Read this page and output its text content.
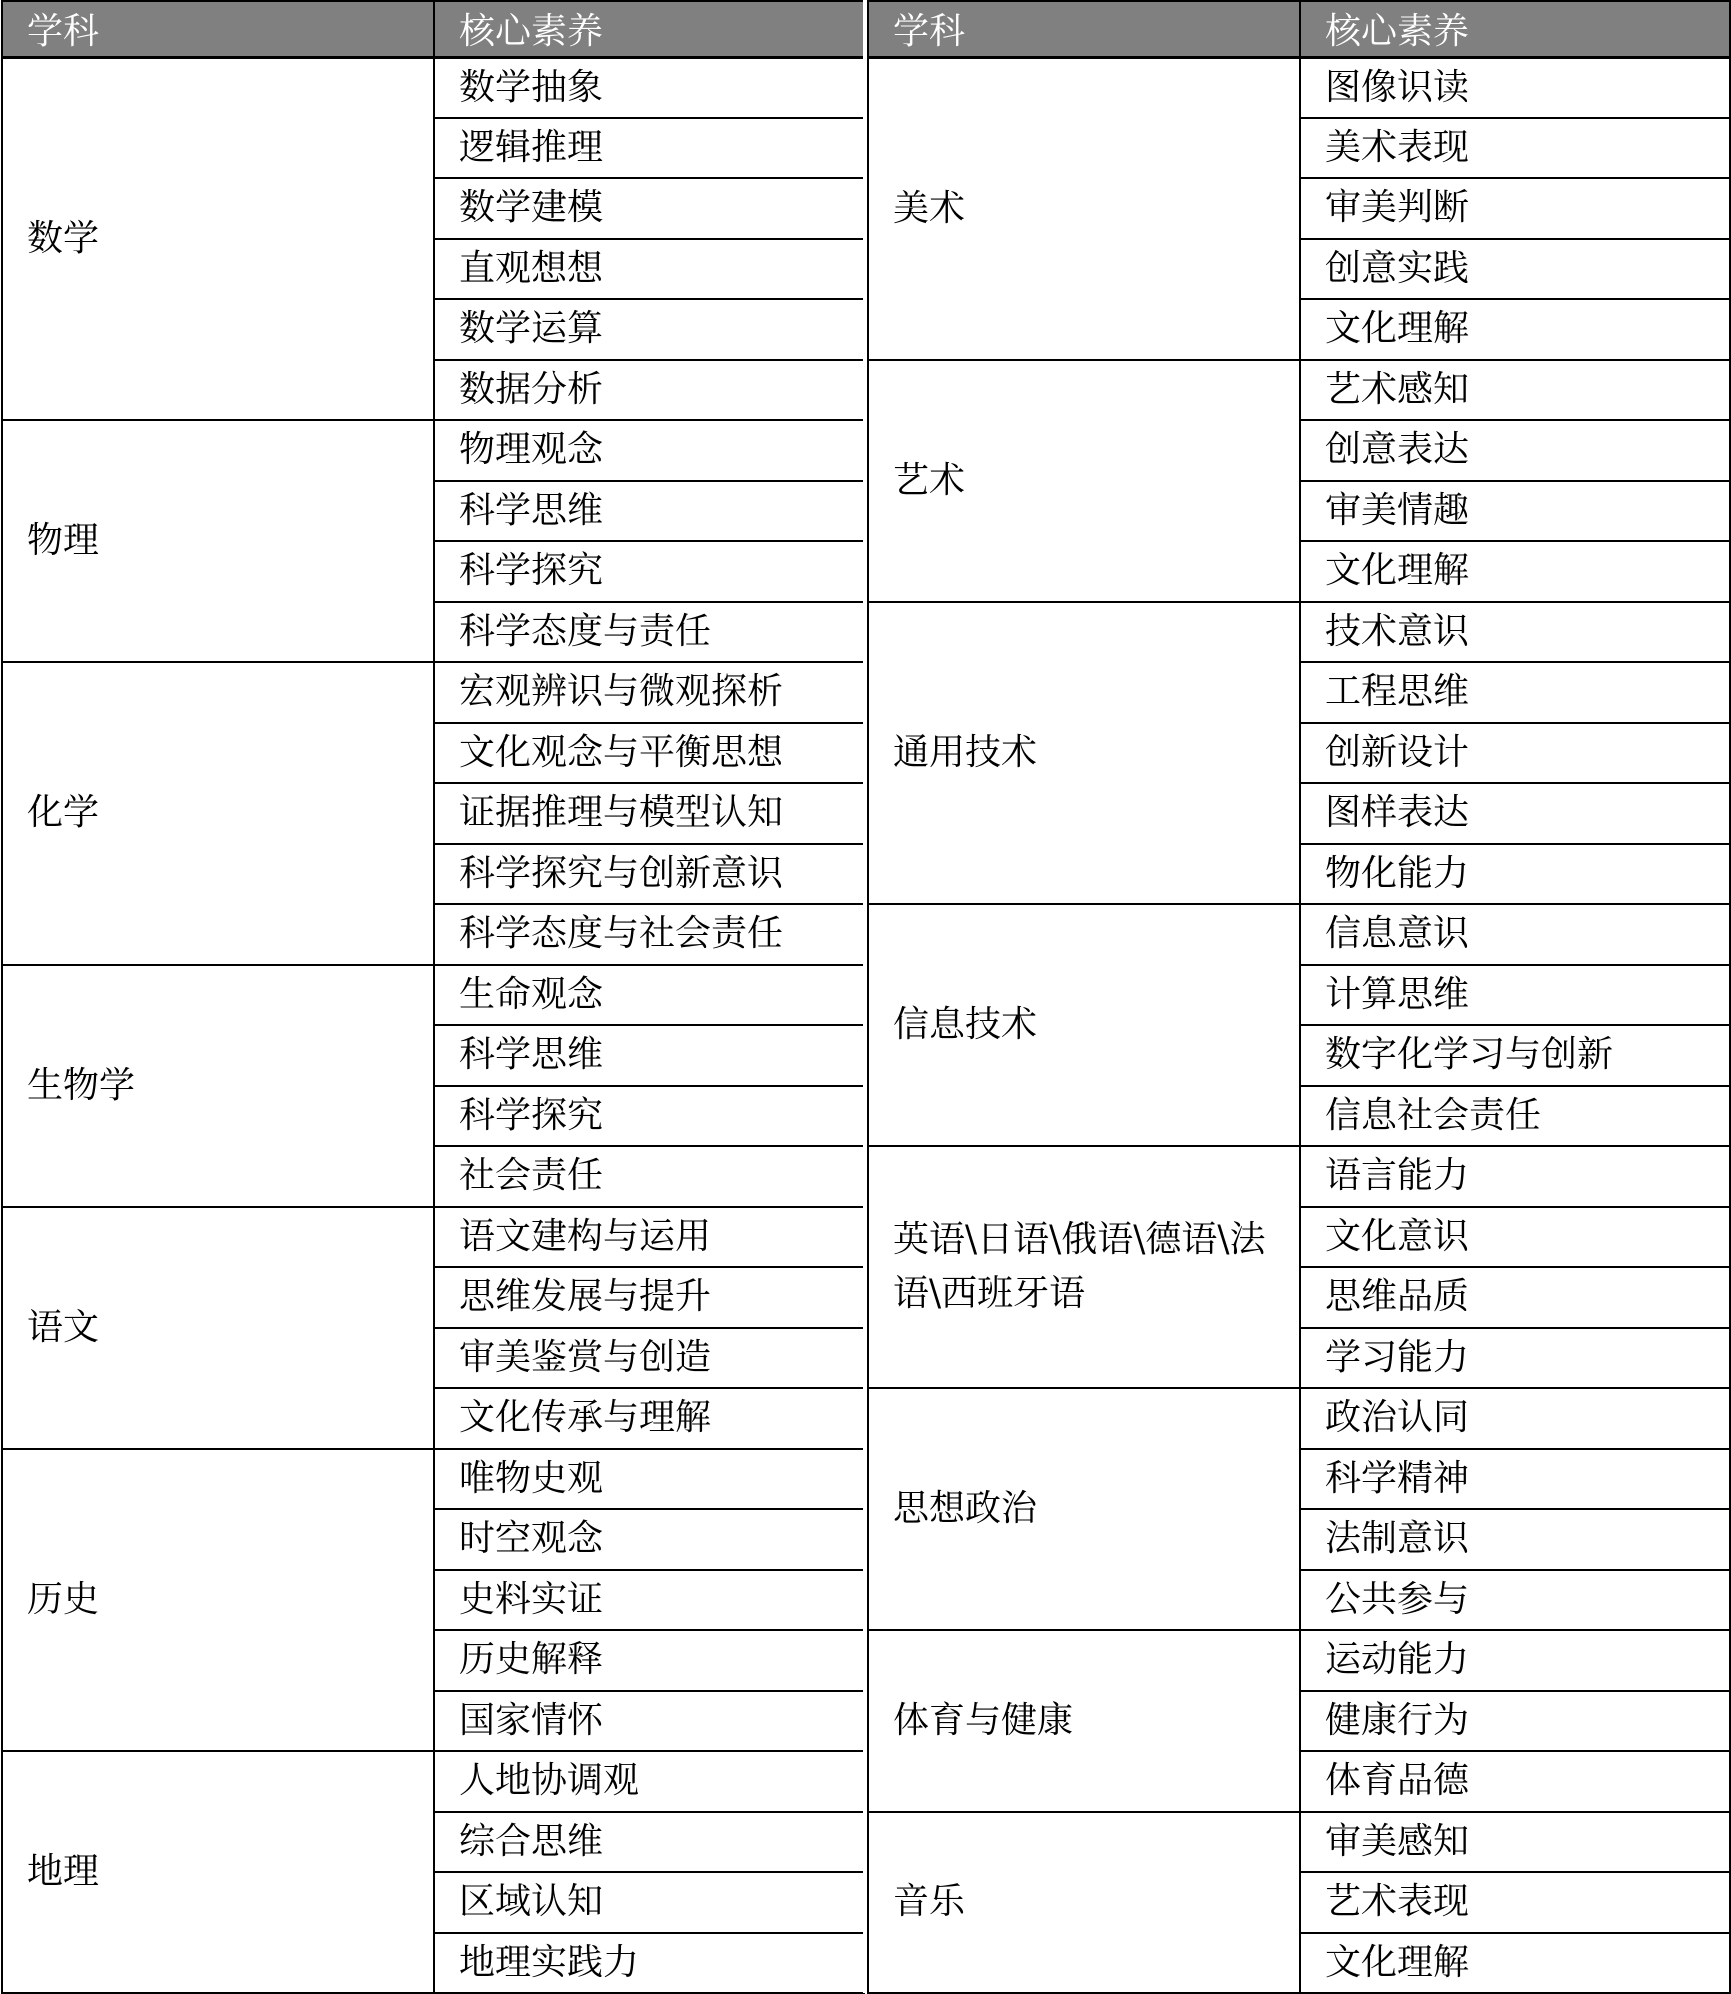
学科	核心素养
数学	数学抽象
	逻辑推理
	数学建模
	直观想想
	数学运算
	数据分析
物理	物理观念
	科学思维
	科学探究
	科学态度与责任
化学	宏观辨识与微观探析
	文化观念与平衡思想
	证据推理与模型认知
	科学探究与创新意识
	科学态度与社会责任
生物学	生命观念
	科学思维
	科学探究
	社会责任
语文	语文建构与运用
	思维发展与提升
	审美鉴赏与创造
	文化传承与理解
历史	唯物史观
	时空观念
	史料实证
	历史解释
	国家情怀
地理	人地协调观
	综合思维
	区域认知
	地理实践力
学科	核心素养
美术	图像识读
	美术表现
	审美判断
	创意实践
	文化理解
艺术	艺术感知
	创意表达
	审美情趣
	文化理解
通用技术	技术意识
	工程思维
	创新设计
	图样表达
	物化能力
信息技术	信息意识
	计算思维
	数字化学习与创新
	信息社会责任
英语\日语\俄语\德语\法语\西班牙语	语言能力
	文化意识
	思维品质
	学习能力
思想政治	政治认同
	科学精神
	法制意识
	公共参与
体育与健康	运动能力
	健康行为
	体育品德
音乐	审美感知
	艺术表现
	文化理解
